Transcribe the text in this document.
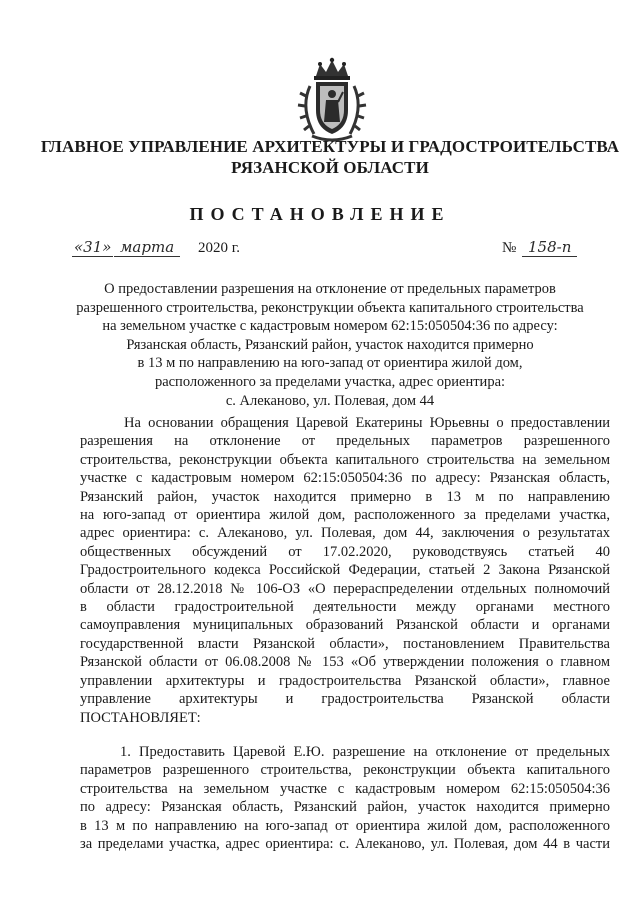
ГЛАВНОЕ УПРАВЛЕНИЕ АРХИТЕКТУРЫ И ГРАДОСТРОИТЕЛЬСТВА
РЯЗАНСКОЙ ОБЛАСТИ
ПОСТАНОВЛЕНИЕ
«31» марта	2020 г.	№ 158-п
О предоставлении разрешения на отклонение от предельных параметров
разрешенного строительства, реконструкции объекта капитального строительства
на земельном участке с кадастровым номером 62:15:050504:36 по адресу:
Рязанская область, Рязанский район, участок находится примерно
в 13 м по направлению на юго-запад от ориентира жилой дом,
расположенного за пределами участка, адрес ориентира:
с. Алеканово, ул. Полевая, дом 44
На основании обращения Царевой Екатерины Юрьевны о предоставлении
разрешения на отклонение от предельных параметров разрешенного
строительства, реконструкции объекта капитального строительства на земельном
участке с кадастровым номером 62:15:050504:36 по адресу: Рязанская область,
Рязанский район, участок находится примерно в 13 м по направлению
на юго-запад от ориентира жилой дом, расположенного за пределами участка,
адрес ориентира: с. Алеканово, ул. Полевая, дом 44, заключения о результатах
общественных обсуждений от 17.02.2020, руководствуясь статьей 40
Градостроительного кодекса Российской Федерации, статьей 2 Закона Рязанской
области от 28.12.2018 № 106-ОЗ «О перераспределении отдельных полномочий
в области градостроительной деятельности между органами местного
самоуправления муниципальных образований Рязанской области и органами
государственной власти Рязанской области», постановлением Правительства
Рязанской области от 06.08.2008 № 153 «Об утверждении положения о главном
управлении архитектуры и градостроительства Рязанской области», главное
управление архитектуры и градостроительства Рязанской области
ПОСТАНОВЛЯЕТ:
1. Предоставить Царевой Е.Ю. разрешение на отклонение от предельных
параметров разрешенного строительства, реконструкции объекта капитального
строительства на земельном участке с кадастровым номером 62:15:050504:36
по адресу: Рязанская область, Рязанский район, участок находится примерно
в 13 м по направлению на юго-запад от ориентира жилой дом, расположенного
за пределами участка, адрес ориентира: с. Алеканово, ул. Полевая, дом 44 в части
